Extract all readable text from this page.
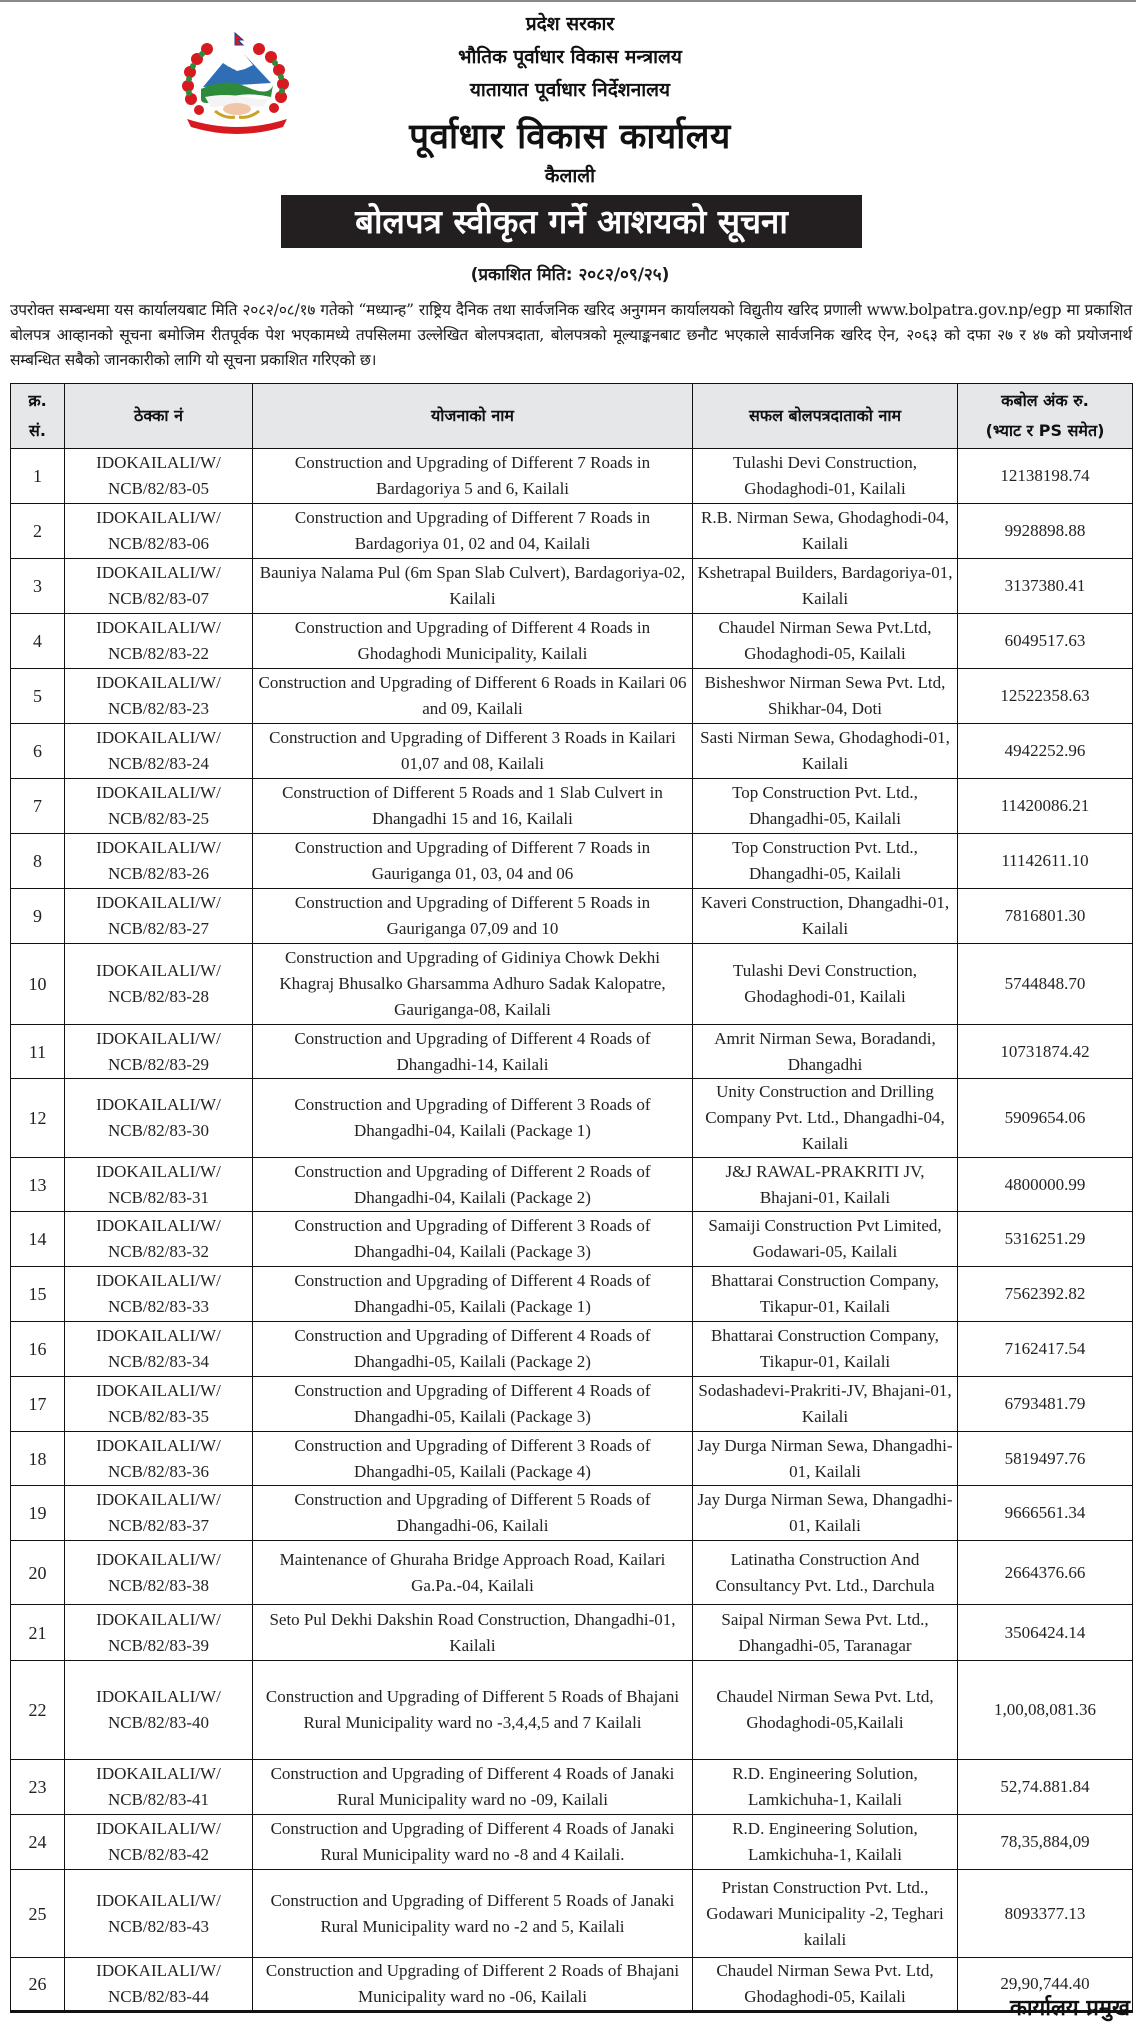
प्रदेश सरकार
भौतिक पूर्वाधार विकास मन्त्रालय
यातायात पूर्वाधार निर्देशनालय
पूर्वाधार विकास कार्यालय
कैलाली
बोलपत्र स्वीकृत गर्ने आशयको सूचना
(प्रकाशित मिति: २०८२/०९/२५)
उपरोक्त सम्बन्धमा यस कार्यालयबाट मिति २०८२/०८/१७ गतेको “मध्यान्ह” राष्ट्रिय दैनिक तथा सार्वजनिक खरिद अनुगमन कार्यालयको विद्युतीय खरिद प्रणाली www.bolpatra.gov.np/egp मा प्रकाशित बोलपत्र आव्हानको सूचना बमोजिम रीतपूर्वक पेश भएकामध्ये तपसिलमा उल्लेखित बोलपत्रदाता, बोलपत्रको मूल्याङ्कनबाट छनौट भएकाले सार्वजनिक खरिद ऐन, २०६३ को दफा २७ र ४७ को प्रयोजनार्थ सम्बन्धित सबैको जानकारीको लागि यो सूचना प्रकाशित गरिएको छ।
क्र.
सं.	ठेक्का नं	योजनाको नाम	सफल बोलपत्रदाताको नाम	कबोल अंक रु.
(भ्याट र PS समेत)

1	IDOKAILALI/W/
NCB/82/83-05	Construction and Upgrading of Different 7 Roads in Bardagoriya 5 and 6, Kailali	Tulashi Devi Construction, Ghodaghodi-01, Kailali	12138198.74
2	IDOKAILALI/W/
NCB/82/83-06	Construction and Upgrading of Different 7 Roads in Bardagoriya 01, 02 and 04, Kailali	R.B. Nirman Sewa, Ghodaghodi-04, Kailali	9928898.88
3	IDOKAILALI/W/
NCB/82/83-07	Bauniya Nalama Pul (6m Span Slab Culvert), Bardagoriya-02, Kailali	Kshetrapal Builders, Bardagoriya-01, Kailali	3137380.41
4	IDOKAILALI/W/
NCB/82/83-22	Construction and Upgrading of Different 4 Roads in Ghodaghodi Municipality, Kailali	Chaudel Nirman Sewa Pvt.Ltd, Ghodaghodi-05, Kailali	6049517.63
5	IDOKAILALI/W/
NCB/82/83-23	Construction and Upgrading of Different 6 Roads in Kailari 06 and 09, Kailali	Bisheshwor Nirman Sewa Pvt. Ltd, Shikhar-04, Doti	12522358.63
6	IDOKAILALI/W/
NCB/82/83-24	Construction and Upgrading of Different 3 Roads in Kailari 01,07 and 08, Kailali	Sasti Nirman Sewa, Ghodaghodi-01, Kailali	4942252.96
7	IDOKAILALI/W/
NCB/82/83-25	Construction of Different 5 Roads and 1 Slab Culvert in Dhangadhi 15 and 16, Kailali	Top Construction Pvt. Ltd., Dhangadhi-05, Kailali	11420086.21
8	IDOKAILALI/W/
NCB/82/83-26	Construction and Upgrading of Different 7 Roads in Gauriganga 01, 03, 04 and 06	Top Construction Pvt. Ltd., Dhangadhi-05, Kailali	11142611.10
9	IDOKAILALI/W/
NCB/82/83-27	Construction and Upgrading of Different 5 Roads in Gauriganga 07,09 and 10	Kaveri Construction, Dhangadhi-01, Kailali	7816801.30
10	IDOKAILALI/W/
NCB/82/83-28	Construction and Upgrading of Gidiniya Chowk Dekhi Khagraj Bhusalko Gharsamma Adhuro Sadak Kalopatre, Gauriganga-08, Kailali	Tulashi Devi Construction, Ghodaghodi-01, Kailali	5744848.70
11	IDOKAILALI/W/
NCB/82/83-29	Construction and Upgrading of Different 4 Roads of Dhangadhi-14, Kailali	Amrit Nirman Sewa, Boradandi, Dhangadhi	10731874.42
12	IDOKAILALI/W/
NCB/82/83-30	Construction and Upgrading of Different 3 Roads of Dhangadhi-04, Kailali (Package 1)	Unity Construction and Drilling Company Pvt. Ltd., Dhangadhi-04, Kailali	5909654.06
13	IDOKAILALI/W/
NCB/82/83-31	Construction and Upgrading of Different 2 Roads of Dhangadhi-04, Kailali (Package 2)	J&J RAWAL-PRAKRITI JV, Bhajani-01, Kailali	4800000.99
14	IDOKAILALI/W/
NCB/82/83-32	Construction and Upgrading of Different 3 Roads of Dhangadhi-04, Kailali (Package 3)	Samaiji Construction Pvt Limited, Godawari-05, Kailali	5316251.29
15	IDOKAILALI/W/
NCB/82/83-33	Construction and Upgrading of Different 4 Roads of Dhangadhi-05, Kailali (Package 1)	Bhattarai Construction Company, Tikapur-01, Kailali	7562392.82
16	IDOKAILALI/W/
NCB/82/83-34	Construction and Upgrading of Different 4 Roads of Dhangadhi-05, Kailali (Package 2)	Bhattarai Construction Company, Tikapur-01, Kailali	7162417.54
17	IDOKAILALI/W/
NCB/82/83-35	Construction and Upgrading of Different 4 Roads of Dhangadhi-05, Kailali (Package 3)	Sodashadevi-Prakriti-JV, Bhajani-01, Kailali	6793481.79
18	IDOKAILALI/W/
NCB/82/83-36	Construction and Upgrading of Different 3 Roads of Dhangadhi-05, Kailali (Package 4)	Jay Durga Nirman Sewa, Dhangadhi-01, Kailali	5819497.76
19	IDOKAILALI/W/
NCB/82/83-37	Construction and Upgrading of Different 5 Roads of Dhangadhi-06, Kailali	Jay Durga Nirman Sewa, Dhangadhi-01, Kailali	9666561.34
20	IDOKAILALI/W/
NCB/82/83-38	Maintenance of Ghuraha Bridge Approach Road, Kailari Ga.Pa.-04, Kailali	Latinatha Construction And Consultancy Pvt. Ltd., Darchula	2664376.66
21	IDOKAILALI/W/
NCB/82/83-39	Seto Pul Dekhi Dakshin Road Construction, Dhangadhi-01, Kailali	Saipal Nirman Sewa Pvt. Ltd., Dhangadhi-05, Taranagar	3506424.14
22	IDOKAILALI/W/
NCB/82/83-40	Construction and Upgrading of Different 5 Roads of Bhajani Rural Municipality ward no -3,4,4,5 and 7 Kailali	Chaudel Nirman Sewa Pvt. Ltd, Ghodaghodi-05,Kailali	1,00,08,081.36
23	IDOKAILALI/W/
NCB/82/83-41	Construction and Upgrading of Different 4 Roads of Janaki Rural Municipality ward no -09, Kailali	R.D. Engineering Solution, Lamkichuha-1, Kailali	52,74.881.84
24	IDOKAILALI/W/
NCB/82/83-42	Construction and Upgrading of Different 4 Roads of Janaki Rural Municipality ward no -8 and 4 Kailali.	R.D. Engineering Solution, Lamkichuha-1, Kailali	78,35,884,09
25	IDOKAILALI/W/
NCB/82/83-43	Construction and Upgrading of Different 5 Roads of Janaki Rural Municipality ward no -2 and 5, Kailali	Pristan Construction Pvt. Ltd., Godawari Municipality -2, Teghari kailali	8093377.13
26	IDOKAILALI/W/
NCB/82/83-44	Construction and Upgrading of Different 2 Roads of Bhajani Municipality ward no -06, Kailali	Chaudel Nirman Sewa Pvt. Ltd, Ghodaghodi-05, Kailali	29,90,744.40
कार्यालय प्रमुख
